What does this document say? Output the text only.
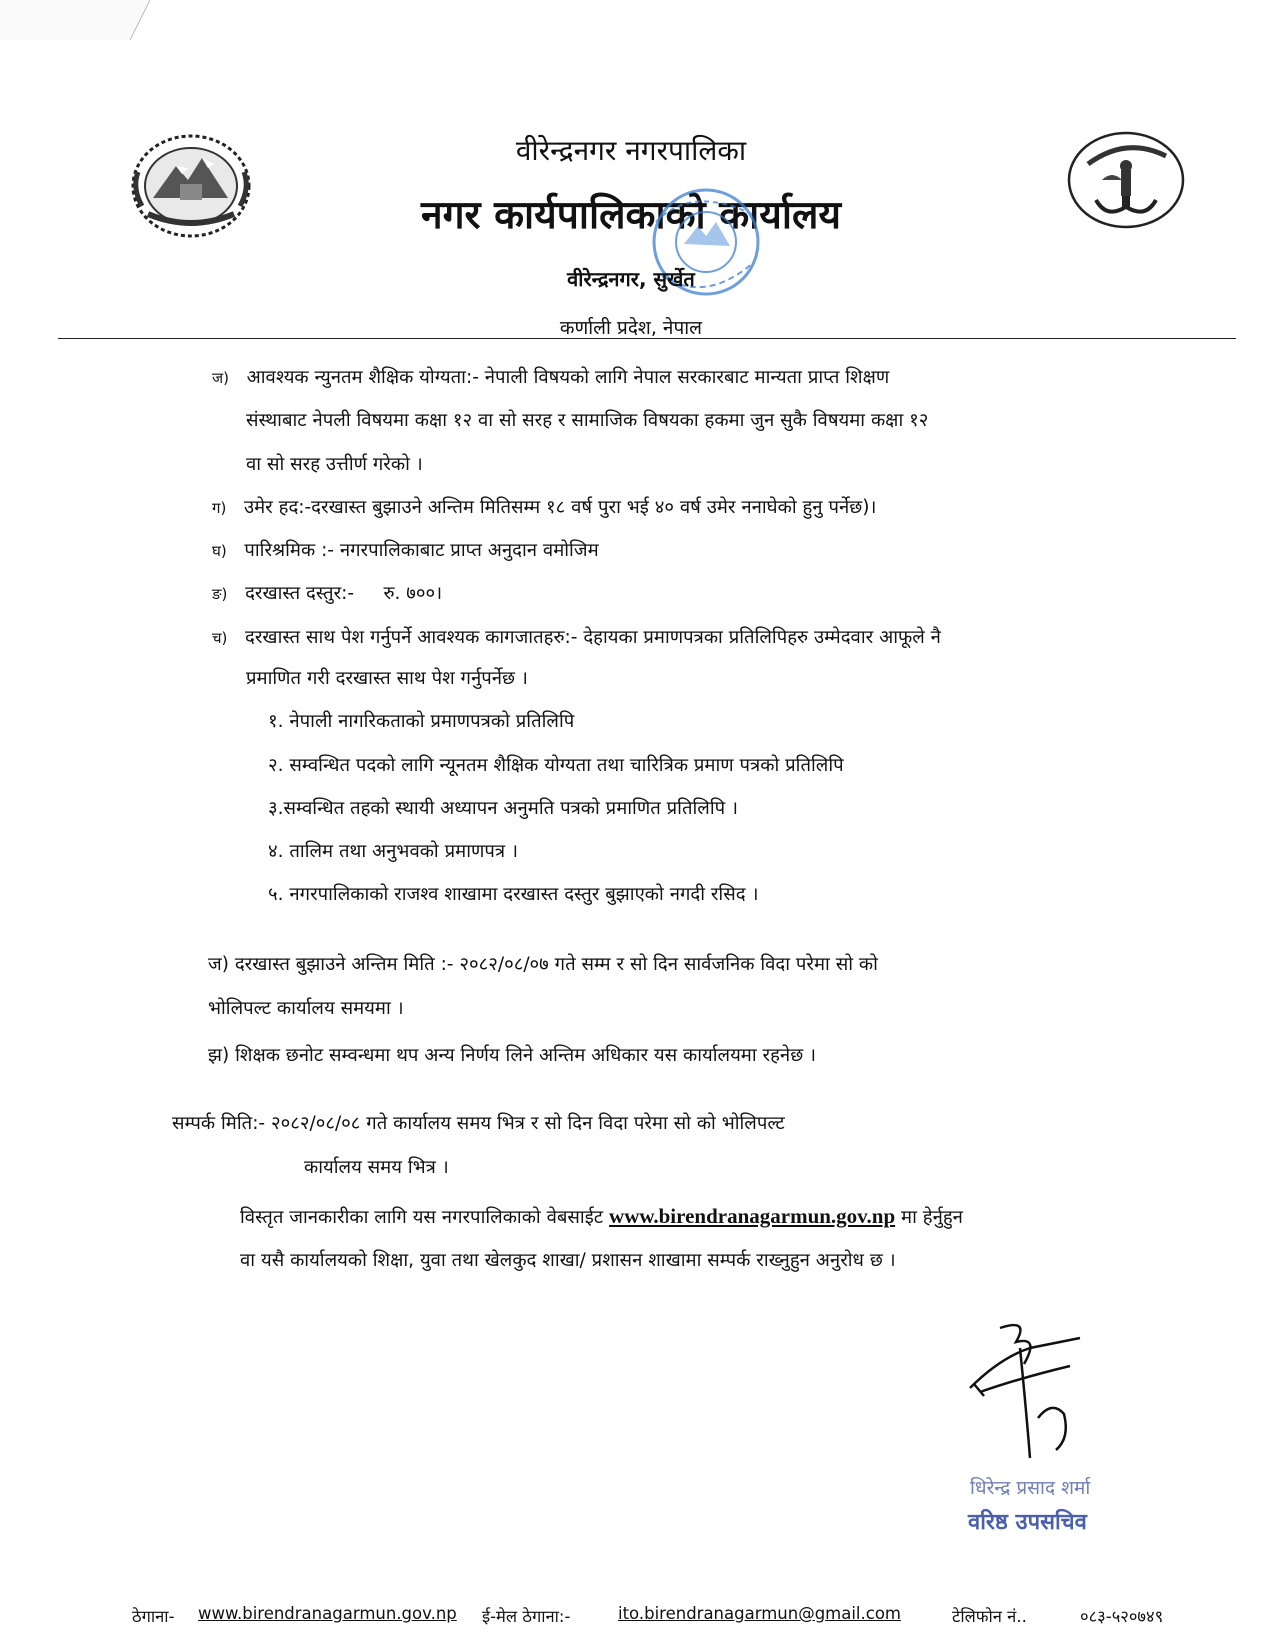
वीरेन्द्रनगर नगरपालिका
नगर कार्यपालिकाको कार्यालय
वीरेन्द्रनगर, सुर्खेत
कर्णाली प्रदेश, नेपाल
ज) आवश्यक न्युनतम शैक्षिक योग्यता:- नेपाली विषयको लागि नेपाल सरकारबाट मान्यता प्राप्त शिक्षण
संस्थाबाट नेपली विषयमा कक्षा १२ वा सो सरह र सामाजिक विषयका हकमा जुन सुकै विषयमा कक्षा १२
वा सो सरह उत्तीर्ण गरेको ।
ग) उमेर हद:-दरखास्त बुझाउने अन्तिम मितिसम्म १८ वर्ष पुरा भई ४० वर्ष उमेर ननाघेको हुनु पर्नेछ)।
घ) पारिश्रमिक :- नगरपालिकाबाट प्राप्त अनुदान वमोजिम
ङ) दरखास्त दस्तुर:-     रु. ७००।
च) दरखास्त साथ पेश गर्नुपर्ने आवश्यक कागजातहरु:- देहायका प्रमाणपत्रका प्रतिलिपिहरु उम्मेदवार आफूले नै
प्रमाणित गरी दरखास्त साथ पेश गर्नुपर्नेछ ।
१. नेपाली नागरिकताको प्रमाणपत्रको प्रतिलिपि
२. सम्वन्धित पदको लागि न्यूनतम शैक्षिक योग्यता तथा चारित्रिक प्रमाण पत्रको प्रतिलिपि
३.सम्वन्धित तहको स्थायी अध्यापन अनुमति पत्रको प्रमाणित प्रतिलिपि ।
४. तालिम तथा अनुभवको प्रमाणपत्र ।
५. नगरपालिकाको राजश्व शाखामा दरखास्त दस्तुर बुझाएको नगदी रसिद ।
ज) दरखास्त बुझाउने अन्तिम मिति :- २०८२/०८/०७ गते सम्म र सो दिन सार्वजनिक विदा परेमा सो को
भोलिपल्ट कार्यालय समयमा ।
झ) शिक्षक छनोट सम्वन्धमा थप अन्य निर्णय लिने अन्तिम अधिकार यस कार्यालयमा रहनेछ ।
सम्पर्क मिति:- २०८२/०८/०८ गते कार्यालय समय भित्र र सो दिन विदा परेमा सो को भोलिपल्ट
कार्यालय समय भित्र ।
विस्तृत जानकारीका लागि यस नगरपालिकाको वेबसाईट www.birendranagarmun.gov.np मा हेर्नुहुन
वा यसै कार्यालयको शिक्षा, युवा तथा खेलकुद शाखा/ प्रशासन शाखामा सम्पर्क राख्नुहुन अनुरोध छ ।
धिरेन्द्र प्रसाद शर्मा
वरिष्ठ उपसचिव
ठेगाना- www.birendranagarmun.gov.np ई-मेल ठेगाना:-	ito.birendranagarmun@gmail.com	टेलिफोन नं..	०८३-५२०७४९
